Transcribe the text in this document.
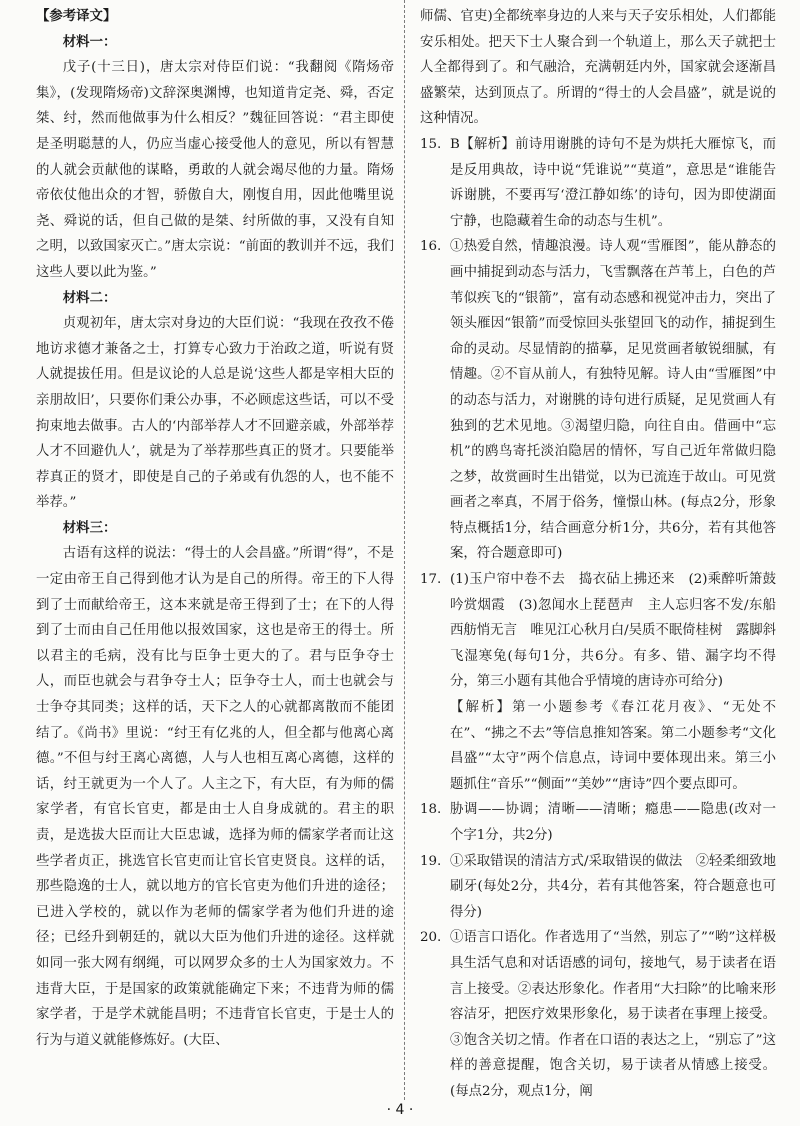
【参考译文】

材料一：

戊子(十三日)，唐太宗对侍臣们说：“我翻阅《隋炀帝集》，(发现隋炀帝)文辞深奥渊博，也知道肯定尧、舜，否定桀、纣，然而他做事为什么相反？”魏征回答说：“君主即使是圣明聪慧的人，仍应当虚心接受他人的意见，所以有智慧的人就会贡献他的谋略，勇敢的人就会竭尽他的力量。隋炀帝依仗他出众的才智，骄傲自大，刚愎自用，因此他嘴里说尧、舜说的话，但自己做的是桀、纣所做的事，又没有自知之明，以致国家灭亡。”唐太宗说：“前面的教训并不远，我们这些人要以此为鉴。”

材料二：

贞观初年，唐太宗对身边的大臣们说：“我现在孜孜不倦地访求德才兼备之士，打算专心致力于治政之道，听说有贤人就提拔任用。但是议论的人总是说‘这些人都是宰相大臣的亲朋故旧’，只要你们秉公办事，不必顾虑这些话，可以不受拘束地去做事。古人的‘内部举荐人才不回避亲戚，外部举荐人才不回避仇人’，就是为了举荐那些真正的贤才。只要能举荐真正的贤才，即使是自己的子弟或有仇怨的人，也不能不举荐。”

材料三：

古语有这样的说法：“得士的人会昌盛。”所谓“得”，不是一定由帝王自己得到他才认为是自己的所得。帝王的下人得到了士而献给帝王，这本来就是帝王得到了士；在下的人得到了士而由自己任用他以报效国家，这也是帝王的得士。所以君主的毛病，没有比与臣争士更大的了。君与臣争夺士人，而臣也就会与君争夺士人；臣争夺士人，而士也就会与士争夺其同类；这样的话，天下之人的心就都离散而不能团结了。《尚书》里说：“纣王有亿兆的人，但全都与他离心离德。”不但与纣王离心离德，人与人也相互离心离德，这样的话，纣王就更为一个人了。人主之下，有大臣，有为师的儒家学者，有官长官吏，都是由士人自身成就的。君主的职责，是选拔大臣而让大臣忠诚，选择为师的儒家学者而让这些学者贞正，挑选官长官吏而让官长官吏贤良。这样的话，那些隐逸的士人，就以地方的官长官吏为他们升进的途径；已进入学校的，就以作为老师的儒家学者为他们升进的途径；已经升到朝廷的，就以大臣为他们升进的途径。这样就如同一张大网有纲绳，可以网罗众多的士人为国家效力。不违背大臣，于是国家的政策就能确定下来；不违背为师的儒家学者，于是学术就能昌明；不违背官长官吏，于是士人的行为与道义就能修炼好。(大臣、

师儒、官吏)全都统率身边的人来与天子安乐相处，人们都能安乐相处。把天下士人聚合到一个轨道上，那么天子就把士人全都得到了。和气融洽，充满朝廷内外，国家就会逐渐昌盛繁荣，达到顶点了。所谓的“得士的人会昌盛”，就是说的这种情况。

15. B【解析】前诗用谢朓的诗句不是为烘托大雁惊飞，而是反用典故，诗中说“凭谁说”“莫道”，意思是“谁能告诉谢朓，不要再写‘澄江静如练’的诗句，因为即使湖面宁静，也隐藏着生命的动态与生机”。
16. ①热爱自然，情趣浪漫。诗人观“雪雁图”，能从静态的画中捕捉到动态与活力，飞雪飘落在芦苇上，白色的芦苇似疾飞的“银箭”，富有动态感和视觉冲击力，突出了领头雁因“银箭”而受惊回头张望回飞的动作，捕捉到生命的灵动。尽显情韵的描摹，足见赏画者敏锐细腻，有情趣。②不盲从前人，有独特见解。诗人由“雪雁图”中的动态与活力，对谢朓的诗句进行质疑，足见赏画人有独到的艺术见地。③渴望归隐，向往自由。借画中“忘机”的鸥鸟寄托淡泊隐居的情怀，写自己近年常做归隐之梦，故赏画时生出错觉，以为已流连于故山。可见赏画者之率真，不屑于俗务，憧憬山林。(每点2分，形象特点概括1分，结合画意分析1分，共6分，若有其他答案，符合题意即可)
17. (1)玉户帘中卷不去　捣衣砧上拂还来　(2)乘醉听箫鼓　吟赏烟霞　(3)忽闻水上琵琶声　主人忘归客不发/东船西舫悄无言　唯见江心秋月白/吴质不眠倚桂树　露脚斜飞湿寒兔(每句1分，共6分。有多、错、漏字均不得分，第三小题有其他合乎情境的唐诗亦可给分)
【解析】第一小题参考《春江花月夜》、“无处不在”、“拂之不去”等信息推知答案。第二小题参考“文化昌盛”“太守”两个信息点，诗词中要体现出来。第三小题抓住“音乐”“侧面”“美妙”“唐诗”四个要点即可。
18. 胁调——协调；清晰——清晰；瘾患——隐患(改对一个字1分，共2分)
19. ①采取错误的清洁方式/采取错误的做法　②轻柔细致地刷牙(每处2分，共4分，若有其他答案，符合题意也可得分)
20. ①语言口语化。作者选用了“当然，别忘了”“哟”这样极具生活气息和对话语感的词句，接地气，易于读者在语言上接受。②表达形象化。作者用“大扫除”的比喻来形容洁牙，把医疗效果形象化，易于读者在事理上接受。③饱含关切之情。作者在口语的表达之上，“别忘了”这样的善意提醒，饱含关切，易于读者从情感上接受。(每点2分，观点1分，阐
· 4 ·
